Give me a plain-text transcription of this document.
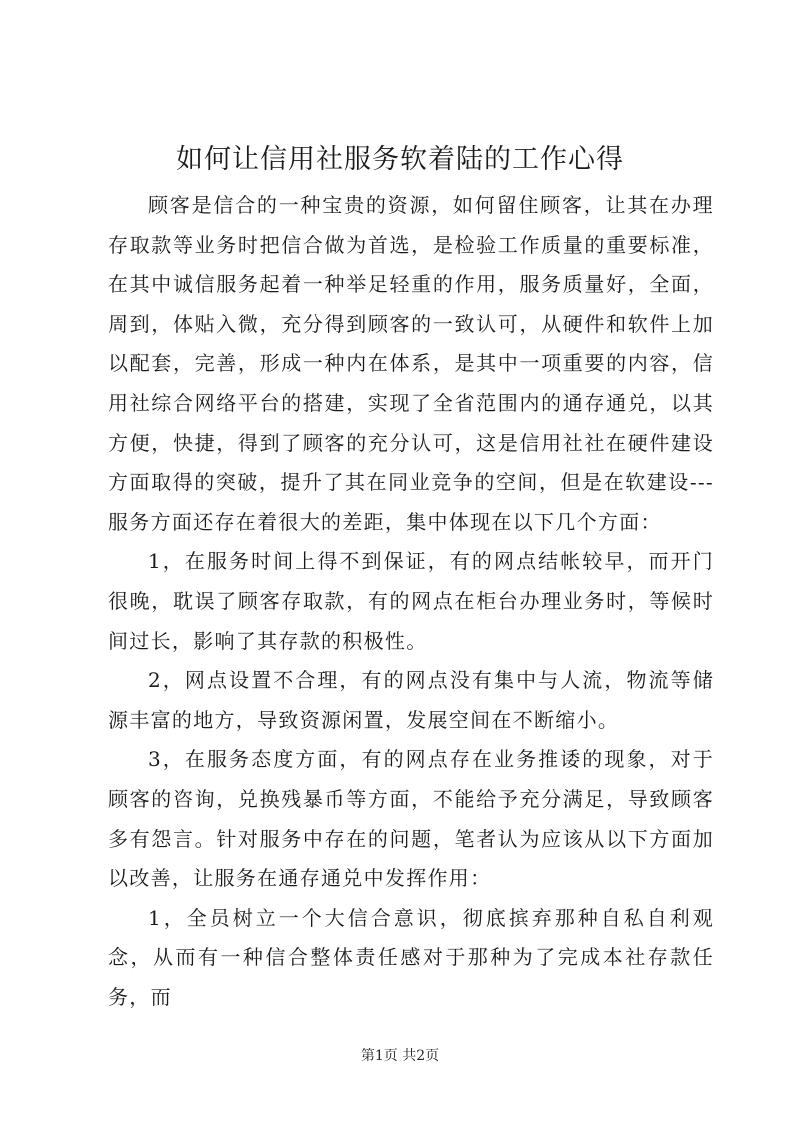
如何让信用社服务软着陆的工作心得

顾客是信合的一种宝贵的资源，如何留住顾客，让其在办理存取款等业务时把信合做为首选，是检验工作质量的重要标准，在其中诚信服务起着一种举足轻重的作用，服务质量好，全面，周到，体贴入微，充分得到顾客的一致认可，从硬件和软件上加以配套，完善，形成一种内在体系，是其中一项重要的内容，信用社综合网络平台的搭建，实现了全省范围内的通存通兑，以其方便，快捷，得到了顾客的充分认可，这是信用社社在硬件建设方面取得的突破，提升了其在同业竞争的空间，但是在软建设---服务方面还存在着很大的差距，集中体现在以下几个方面：

1，在服务时间上得不到保证，有的网点结帐较早，而开门很晚，耽误了顾客存取款，有的网点在柜台办理业务时，等候时间过长，影响了其存款的积极性。

2，网点设置不合理，有的网点没有集中与人流，物流等储源丰富的地方，导致资源闲置，发展空间在不断缩小。

3，在服务态度方面，有的网点存在业务推诿的现象，对于顾客的咨询，兑换残暴币等方面，不能给予充分满足，导致顾客多有怨言。针对服务中存在的问题，笔者认为应该从以下方面加以改善，让服务在通存通兑中发挥作用：

1，全员树立一个大信合意识，彻底摈弃那种自私自利观念，从而有一种信合整体责任感对于那种为了完成本社存款任务，而

第1页 共2页
